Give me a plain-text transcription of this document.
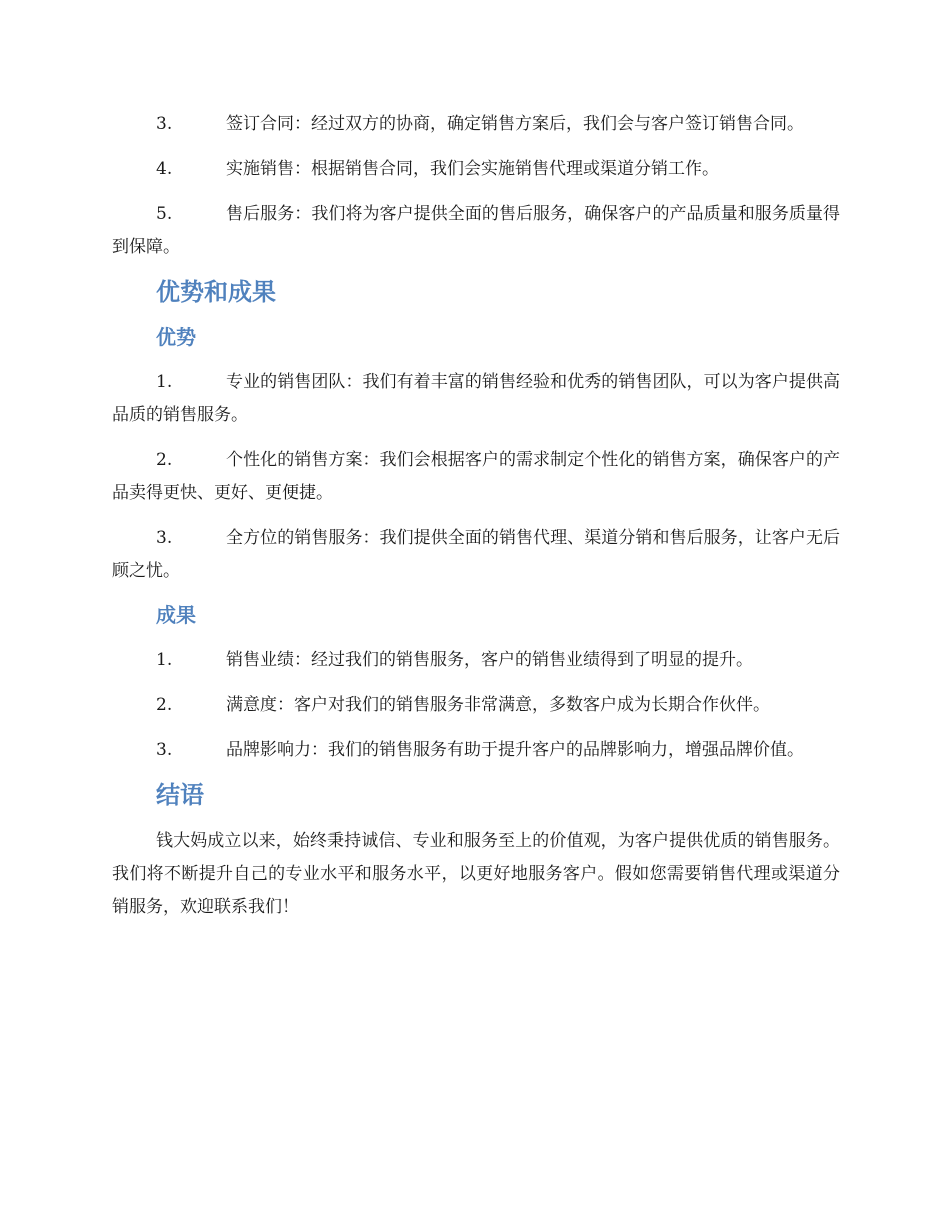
3.	签订合同：经过双方的协商，确定销售方案后，我们会与客户签订销售合同。

4.	实施销售：根据销售合同，我们会实施销售代理或渠道分销工作。

5.	售后服务：我们将为客户提供全面的售后服务，确保客户的产品质量和服务质量得到保障。

优势和成果
优势

1.	专业的销售团队：我们有着丰富的销售经验和优秀的销售团队，可以为客户提供高品质的销售服务。

2.	个性化的销售方案：我们会根据客户的需求制定个性化的销售方案，确保客户的产品卖得更快、更好、更便捷。

3.	全方位的销售服务：我们提供全面的销售代理、渠道分销和售后服务，让客户无后顾之忧。

成果

1.	销售业绩：经过我们的销售服务，客户的销售业绩得到了明显的提升。

2.	满意度：客户对我们的销售服务非常满意，多数客户成为长期合作伙伴。

3.	品牌影响力：我们的销售服务有助于提升客户的品牌影响力，增强品牌价值。

结语

钱大妈成立以来，始终秉持诚信、专业和服务至上的价值观，为客户提供优质的销售服务。我们将不断提升自己的专业水平和服务水平，以更好地服务客户。假如您需要销售代理或渠道分销服务，欢迎联系我们！
